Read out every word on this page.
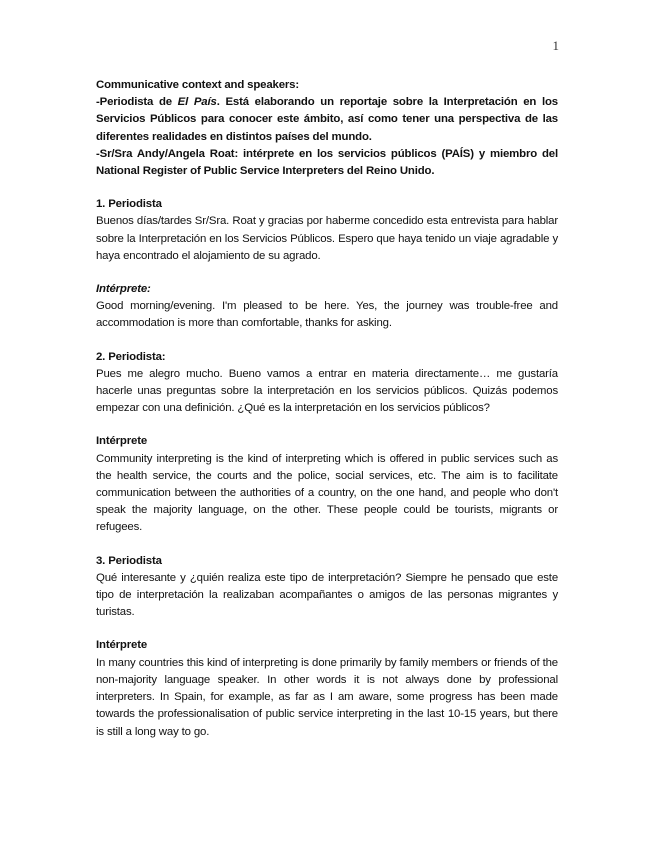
1

Communicative context and speakers:

-Periodista de El País. Está elaborando un reportaje sobre la Interpretación en los Servicios Públicos para conocer este ámbito, así como tener una perspectiva de las diferentes realidades en distintos países del mundo.

-Sr/Sra Andy/Angela Roat: intérprete en los servicios públicos (PAÍS) y miembro del National Register of Public Service Interpreters del Reino Unido.

1. Periodista

Buenos días/tardes Sr/Sra. Roat y gracias por haberme concedido esta entrevista para hablar sobre la Interpretación en los Servicios Públicos. Espero que haya tenido un viaje agradable y haya encontrado el alojamiento de su agrado.

Intérprete:

Good morning/evening. I'm pleased to be here. Yes, the journey was trouble-free and accommodation is more than comfortable, thanks for asking.

2. Periodista:

Pues me alegro mucho. Bueno vamos a entrar en materia directamente… me gustaría hacerle unas preguntas sobre la interpretación en los servicios públicos. Quizás podemos empezar con una definición. ¿Qué es la interpretación en los servicios públicos?

Intérprete

Community interpreting is the kind of interpreting which is offered in public services such as the health service, the courts and the police, social services, etc. The aim is to facilitate communication between the authorities of a country, on the one hand, and people who don't speak the majority language, on the other. These people could be tourists, migrants or refugees.

3. Periodista

Qué interesante y ¿quién realiza este tipo de interpretación? Siempre he pensado que este tipo de interpretación la realizaban acompañantes o amigos de las personas migrantes y turistas.

Intérprete

In many countries this kind of interpreting is done primarily by family members or friends of the non-majority language speaker. In other words it is not always done by professional interpreters. In Spain, for example, as far as I am aware, some progress has been made towards the professionalisation of public service interpreting in the last 10-15 years, but there is still a long way to go.
